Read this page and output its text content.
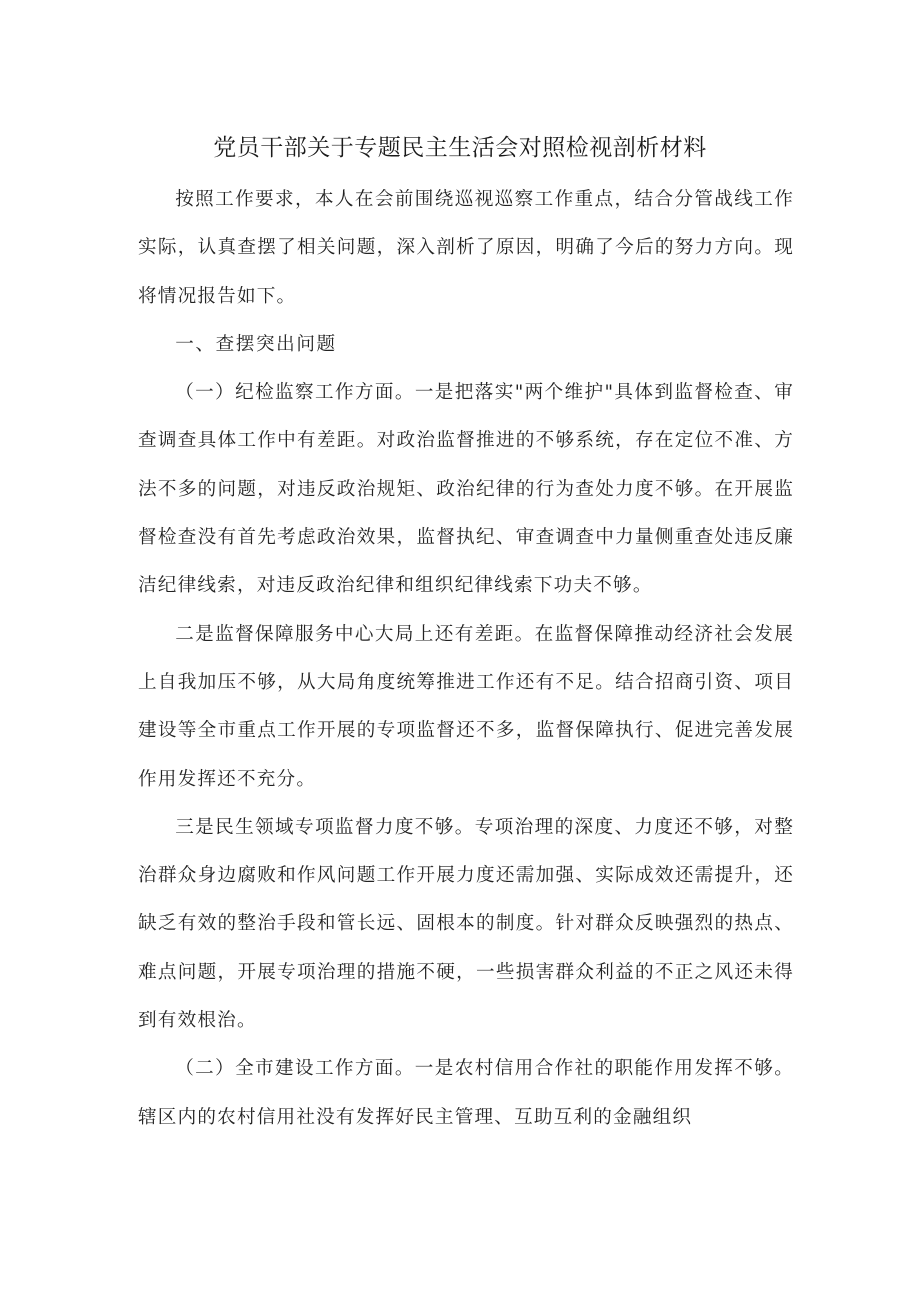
党员干部关于专题民主生活会对照检视剖析材料

按照工作要求，本人在会前围绕巡视巡察工作重点，结合分管战线工作实际，认真查摆了相关问题，深入剖析了原因，明确了今后的努力方向。现将情况报告如下。

一、查摆突出问题

（一）纪检监察工作方面。一是把落实"两个维护"具体到监督检查、审查调查具体工作中有差距。对政治监督推进的不够系统，存在定位不准、方法不多的问题，对违反政治规矩、政治纪律的行为查处力度不够。在开展监督检查没有首先考虑政治效果，监督执纪、审查调查中力量侧重查处违反廉洁纪律线索，对违反政治纪律和组织纪律线索下功夫不够。

二是监督保障服务中心大局上还有差距。在监督保障推动经济社会发展上自我加压不够，从大局角度统筹推进工作还有不足。结合招商引资、项目建设等全市重点工作开展的专项监督还不多，监督保障执行、促进完善发展作用发挥还不充分。

三是民生领域专项监督力度不够。专项治理的深度、力度还不够，对整治群众身边腐败和作风问题工作开展力度还需加强、实际成效还需提升，还缺乏有效的整治手段和管长远、固根本的制度。针对群众反映强烈的热点、难点问题，开展专项治理的措施不硬，一些损害群众利益的不正之风还未得到有效根治。

（二）全市建设工作方面。一是农村信用合作社的职能作用发挥不够。辖区内的农村信用社没有发挥好民主管理、互助互利的金融组织
